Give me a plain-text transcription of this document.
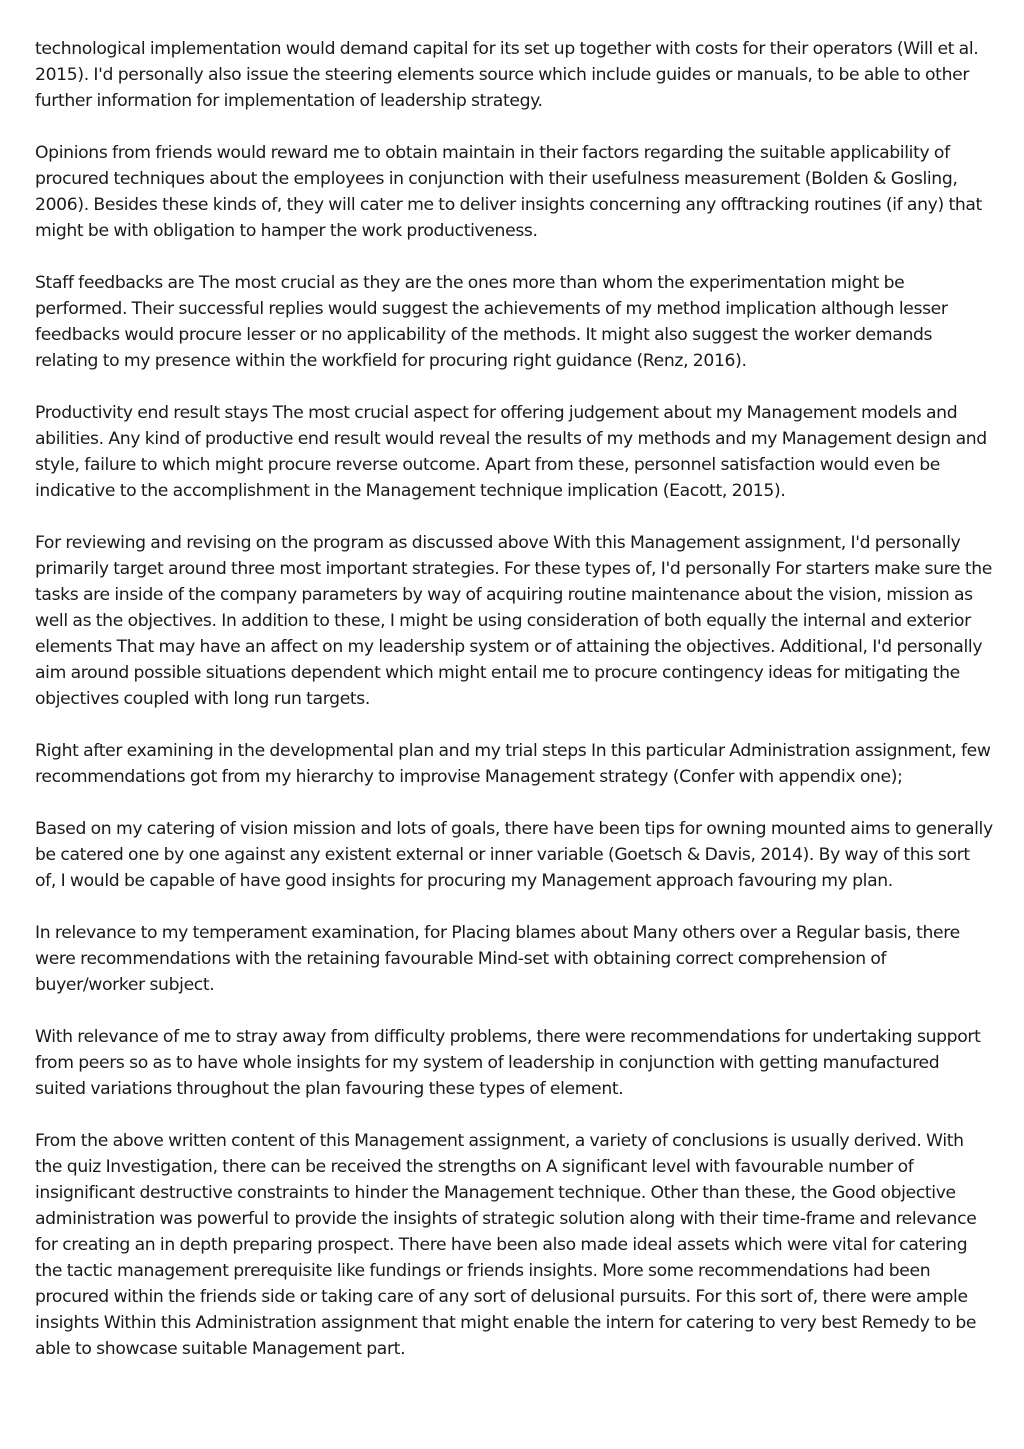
technological implementation would demand capital for its set up together with costs for their operators (Will et al. 2015). I'd personally also issue the steering elements source which include guides or manuals, to be able to other further information for implementation of leadership strategy.

Opinions from friends would reward me to obtain maintain in their factors regarding the suitable applicability of procured techniques about the employees in conjunction with their usefulness measurement (Bolden & Gosling, 2006). Besides these kinds of, they will cater me to deliver insights concerning any offtracking routines (if any) that might be with obligation to hamper the work productiveness.

Staff feedbacks are The most crucial as they are the ones more than whom the experimentation might be performed. Their successful replies would suggest the achievements of my method implication although lesser feedbacks would procure lesser or no applicability of the methods. It might also suggest the worker demands relating to my presence within the workfield for procuring right guidance (Renz, 2016).

Productivity end result stays The most crucial aspect for offering judgement about my Management models and abilities. Any kind of productive end result would reveal the results of my methods and my Management design and style, failure to which might procure reverse outcome. Apart from these, personnel satisfaction would even be indicative to the accomplishment in the Management technique implication (Eacott, 2015).

For reviewing and revising on the program as discussed above With this Management assignment, I'd personally primarily target around three most important strategies. For these types of, I'd personally For starters make sure the tasks are inside of the company parameters by way of acquiring routine maintenance about the vision, mission as well as the objectives. In addition to these, I might be using consideration of both equally the internal and exterior elements That may have an affect on my leadership system or of attaining the objectives. Additional, I'd personally aim around possible situations dependent which might entail me to procure contingency ideas for mitigating the objectives coupled with long run targets.

Right after examining in the developmental plan and my trial steps In this particular Administration assignment, few recommendations got from my hierarchy to improvise Management strategy (Confer with appendix one);

Based on my catering of vision mission and lots of goals, there have been tips for owning mounted aims to generally be catered one by one against any existent external or inner variable (Goetsch & Davis, 2014). By way of this sort of, I would be capable of have good insights for procuring my Management approach favouring my plan.

In relevance to my temperament examination, for Placing blames about Many others over a Regular basis, there were recommendations with the retaining favourable Mind-set with obtaining correct comprehension of buyer/worker subject.

With relevance of me to stray away from difficulty problems, there were recommendations for undertaking support from peers so as to have whole insights for my system of leadership in conjunction with getting manufactured suited variations throughout the plan favouring these types of element.

From the above written content of this Management assignment, a variety of conclusions is usually derived. With the quiz Investigation, there can be received the strengths on A significant level with favourable number of insignificant destructive constraints to hinder the Management technique. Other than these, the Good objective administration was powerful to provide the insights of strategic solution along with their time-frame and relevance for creating an in depth preparing prospect. There have been also made ideal assets which were vital for catering the tactic management prerequisite like fundings or friends insights. More some recommendations had been procured within the friends side or taking care of any sort of delusional pursuits. For this sort of, there were ample insights Within this Administration assignment that might enable the intern for catering to very best Remedy to be able to showcase suitable Management part.
